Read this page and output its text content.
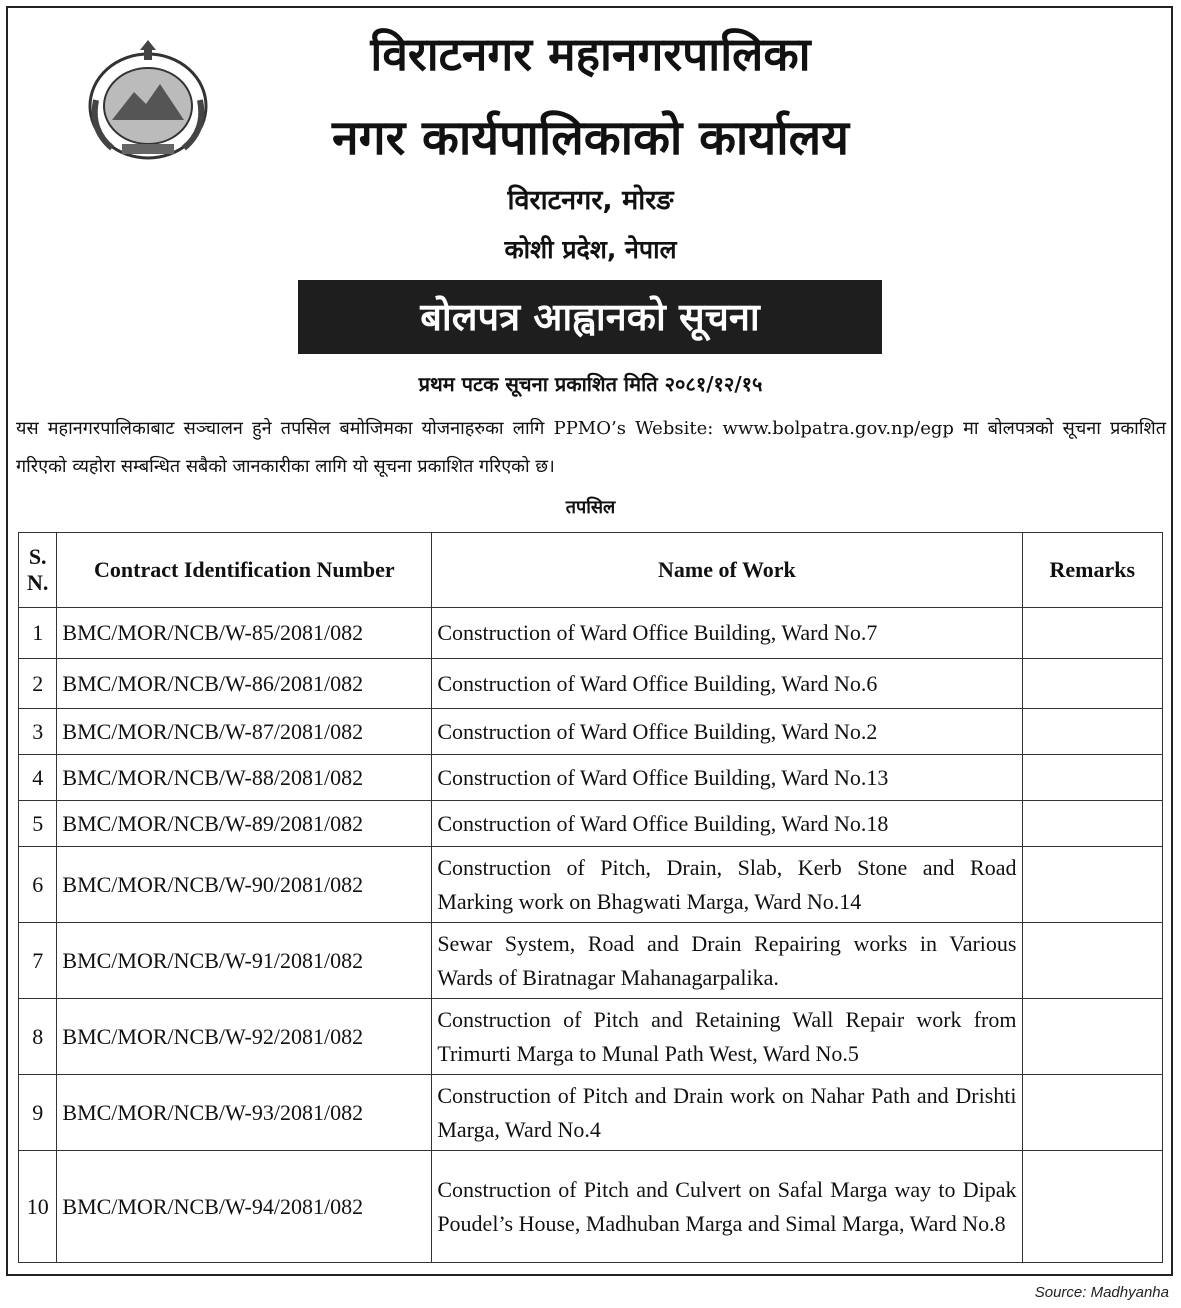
विराटनगर महानगरपालिका
नगर कार्यपालिकाको कार्यालय
विराटनगर, मोरङ
कोशी प्रदेश, नेपाल
बोलपत्र आह्वानको सूचना
प्रथम पटक सूचना प्रकाशित मिति २०८१/१२/१५
यस महानगरपालिकाबाट सञ्चालन हुने तपसिल बमोजिमका योजनाहरुका लागि PPMO’s Website: www.bolpatra.gov.np/egp मा बोलपत्रको सूचना प्रकाशित गरिएको व्यहोरा सम्बन्धित सबैको जानकारीका लागि यो सूचना प्रकाशित गरिएको छ।
तपसिल
S. N.	Contract Identification Number	Name of Work	Remarks
1	BMC/MOR/NCB/W-85/2081/082	Construction of Ward Office Building, Ward No.7	
2	BMC/MOR/NCB/W-86/2081/082	Construction of Ward Office Building, Ward No.6	
3	BMC/MOR/NCB/W-87/2081/082	Construction of Ward Office Building, Ward No.2	
4	BMC/MOR/NCB/W-88/2081/082	Construction of Ward Office Building, Ward No.13	
5	BMC/MOR/NCB/W-89/2081/082	Construction of Ward Office Building, Ward No.18	
6	BMC/MOR/NCB/W-90/2081/082	Construction of Pitch, Drain, Slab, Kerb Stone and Road Marking work on Bhagwati Marga, Ward No.14	
7	BMC/MOR/NCB/W-91/2081/082	Sewar System, Road and Drain Repairing works in Various Wards of Biratnagar Mahanagarpalika.	
8	BMC/MOR/NCB/W-92/2081/082	Construction of Pitch and Retaining Wall Repair work from Trimurti Marga to Munal Path West, Ward No.5	
9	BMC/MOR/NCB/W-93/2081/082	Construction of Pitch and Drain work on Nahar Path and Drishti Marga, Ward No.4	
10	BMC/MOR/NCB/W-94/2081/082	Construction of Pitch and Culvert on Safal Marga way to Dipak Poudel’s House, Madhuban Marga and Simal Marga, Ward No.8	
Source: Madhyanha
